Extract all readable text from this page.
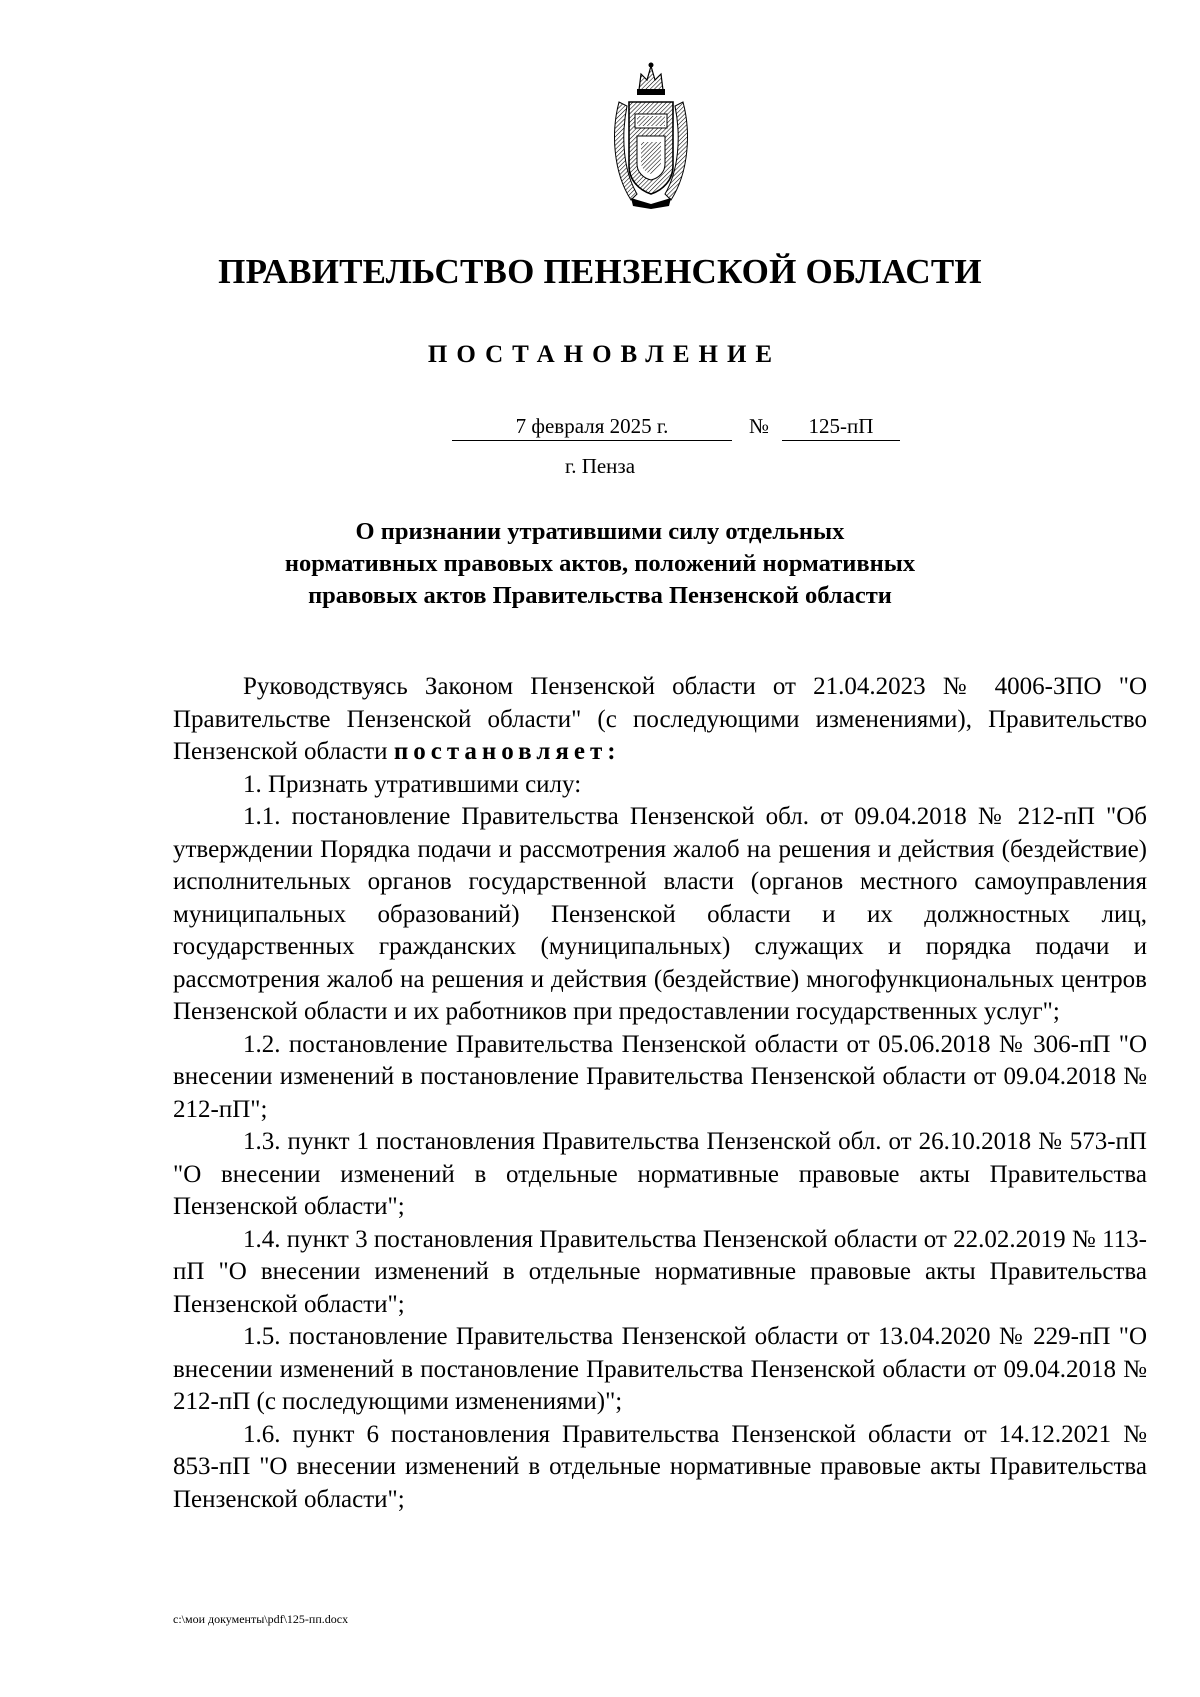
ПРАВИТЕЛЬСТВО ПЕНЗЕНСКОЙ ОБЛАСТИ
ПОСТАНОВЛЕНИЕ
7 февраля 2025 г.	№	125-пП
г. Пенза
О признании утратившими силу отдельных
нормативных правовых актов, положений нормативных
правовых актов Правительства Пензенской области

Руководствуясь Законом Пензенской области от 21.04.2023 № 4006-ЗПО "О Правительстве Пензенской области" (с последующими изменениями), Правительство Пензенской области постановляет:

1. Признать утратившими силу:

1.1. постановление Правительства Пензенской обл. от 09.04.2018 № 212-пП "Об утверждении Порядка подачи и рассмотрения жалоб на решения и действия (бездействие) исполнительных органов государственной власти (органов местного самоуправления муниципальных образований) Пензенской области и их должностных лиц, государственных гражданских (муниципальных) служащих и порядка подачи и рассмотрения жалоб на решения и действия (бездействие) многофункциональных центров Пензенской области и их работников при предоставлении государственных услуг";

1.2. постановление Правительства Пензенской области от 05.06.2018 № 306-пП "О внесении изменений в постановление Правительства Пензенской области от 09.04.2018 № 212-пП";

1.3. пункт 1 постановления Правительства Пензенской обл. от 26.10.2018 № 573-пП "О внесении изменений в отдельные нормативные правовые акты Правительства Пензенской области";

1.4. пункт 3 постановления Правительства Пензенской области от 22.02.2019 № 113-пП "О внесении изменений в отдельные нормативные правовые акты Правительства Пензенской области";

1.5. постановление Правительства Пензенской области от 13.04.2020 № 229-пП "О внесении изменений в постановление Правительства Пензенской области от 09.04.2018 № 212-пП (с последующими изменениями)";

1.6. пункт 6 постановления Правительства Пензенской области от 14.12.2021 № 853-пП "О внесении изменений в отдельные нормативные правовые акты Правительства Пензенской области";

c:\мои документы\pdf\125-пп.docx
